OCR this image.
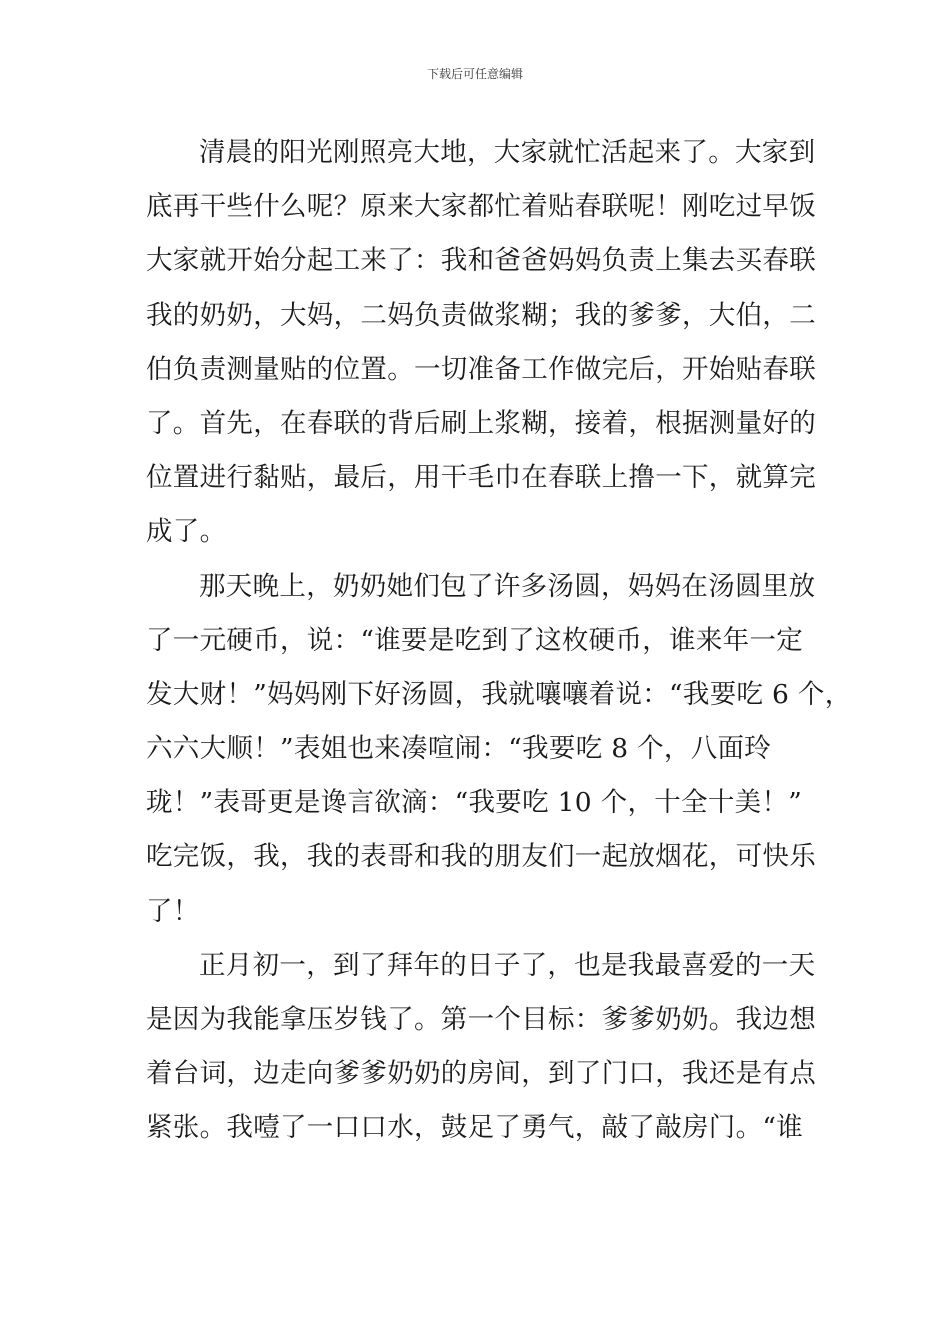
下载后可任意编辑
清晨的阳光刚照亮大地，大家就忙活起来了。大家到
底再干些什么呢？原来大家都忙着贴春联呢！刚吃过早饭
大家就开始分起工来了：我和爸爸妈妈负责上集去买春联
我的奶奶，大妈，二妈负责做浆糊；我的爹爹，大伯，二
伯负责测量贴的位置。一切准备工作做完后，开始贴春联
了。首先，在春联的背后刷上浆糊，接着，根据测量好的
位置进行黏贴，最后，用干毛巾在春联上撸一下，就算完
成了。
那天晚上，奶奶她们包了许多汤圆，妈妈在汤圆里放
了一元硬币，说：“谁要是吃到了这枚硬币，谁来年一定
发大财！”妈妈刚下好汤圆，我就嚷嚷着说：“我要吃 6 个，
六六大顺！”表姐也来凑喧闹：“我要吃 8 个，八面玲
珑！”表哥更是谗言欲滴：“我要吃 10 个，十全十美！”
吃完饭，我，我的表哥和我的朋友们一起放烟花，可快乐
了！
正月初一，到了拜年的日子了，也是我最喜爱的一天
是因为我能拿压岁钱了。第一个目标：爹爹奶奶。我边想
着台词，边走向爹爹奶奶的房间，到了门口，我还是有点
紧张。我噎了一口口水，鼓足了勇气，敲了敲房门。“谁
